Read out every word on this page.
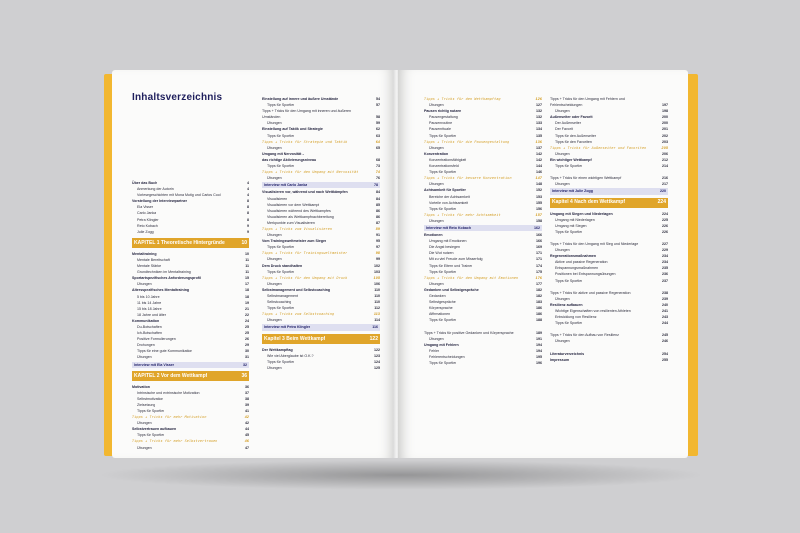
Inhaltsverzeichnis
Über das Buch	4
Anmerkung der Autorin	4
Vorlesegeschichten mit Mona Mutig und Carlos Cool	4
Vorstellung der Interviewpartner	8
Ela Visser	8
Carlo Janka	8
Petra Klingler	8
Reto Kobach	9
Julie Zogg	9
KAPITEL 1 Theoretische Hintergründe	10
Mentaltraining	10
Mentale Bereitschaft	11
Mentale Stärke	11
Grundtechniken im Mentaltraining	11
Sportartspezifisches Anforderungsprofil	15
Übungen	17
Altersspezifisches Mentaltraining	18
5 bis 10 Jahre	18
11 bis 14 Jahre	19
15 bis 18 Jahre	21
18 Jahre und älter	22
Kommunikation	24
Du-Botschaften	25
Ich-Botschaften	25
Positive Formulierungen	26
Drohungen	29
Tipps für eine gute Kommunikation	30
Übungen	31
Interview mit Ela Visser	32
KAPITEL 2 Vor dem Wettkampf	36
Motivation	36
Intrinsische und extrinsische Motivation	37
Selbstmotivation	38
Zielsetzung	39
Tipps für Sportler	41
Tipps + Tricks für mehr Motivation	42
Übungen	42
Selbstvertrauen aufbauen	44
Tipps für Sportler	45
Tipps + Tricks für mehr Selbstvertrauen	46
Übungen	47
Einstellung auf innere und äußere Umstände	54
Tipps für Sportler	57
Tipps + Tricks für den Umgang mit inneren und äußeren Umständen	58
Übungen	59
Einstellung auf Taktik und Strategie	62
Tipps für Sportler	63
Tipps + Tricks für Strategie und Taktik	64
Übungen	65
Umgang mit Nervosität –
das richtige Aktivierungsniveau	68
Tipps für Sportler	73
Tipps + Tricks für den Umgang mit Nervosität	74
Übungen	76
Interview mit Carlo Janka	78
Visualisieren vor, während und nach Wettkämpfen	84
Visualisieren	84
Visualisieren vor dem Wettkampf	85
Visualisieren während des Wettkampfes	86
Visualisieren als Wettkampfnachbereitung	86
Merkpunkte zum Visualisieren	87
Tipps + Tricks zum Visualisieren	89
Übungen	91
Vom Trainingsweltmeister zum Sieger	95
Tipps für Sportler	97
Tipps + Tricks für Trainingsweltmeister	98
Übungen	99
Dem Druck standhalten	102
Tipps für Sportler	103
Tipps + Tricks für den Umgang mit Druck	105
Übungen	106
Selbstmanagement und Selbstcoaching	110
Selbstmanagement	110
Selbstcoaching	110
Tipps für Sportler	112
Tipps + Tricks zum Selbstcoaching	113
Übungen	114
Interview mit Petra Klingler	116
Kapitel 3 Beim Wettkampf	122
Der Wettkampftag	122
Wie viel Aberglaube ist O.K.?	123
Tipps für Sportler	124
Übungen	125
Tipps + Tricks für den Wettkampftag	126
Übungen	127
Pausen richtig nutzen	132
Pausengestaltung	132
Pausenroutine	133
Pausenrituale	134
Tipps für Sportler	135
Tipps + Tricks für die Pausengestaltung	136
Übungen	137
Konzentration	142
Konzentrationsfähigkeit	142
Konzentrationsfeld	144
Tipps für Sportler	146
Tipps + Tricks für bessere Konzentration	147
Übungen	148
Achtsamkeit für Sportler	152
Bereiche der Achtsamkeit	153
Vorteile von Achtsamkeit	155
Tipps für Sportler	156
Tipps + Tricks für mehr Achtsamkeit	157
Übungen	158
Interview mit Reto Kobach	162
Emotionen	166
Umgang mit Emotionen	166
Die Angst besiegen	169
Die Wut nutzen	171
Mit zu viel Freude zum Misserfolg	171
Tipps für Eltern und Trainer	174
Tipps für Sportler	175
Tipps + Tricks für den Umgang mit Emotionen	176
Übungen	177
Gedanken und Selbstgespräche	182
Gedanken	182
Selbstgespräche	183
Körpersprache	186
Affirmationen	186
Tipps für Sportler	188
Tipps + Tricks für positive Gedanken und Körpersprache	189
Übungen	191
Umgang mit Fehlern	194
Fehler	194
Fehlerentscheidungen	195
Tipps für Sportler	196
Tipps + Tricks für den Umgang mit Fehlern und Fehlentscheidungen	197
Übungen	198
Außenseiter oder Favorit	200
Der Außenseiter	200
Der Favorit	201
Tipps für den Außenseiter	202
Tipps für den Favoriten	203
Tipps + Tricks für Außenseiter und Favoriten	205
Übungen	206
Ein wichtiger Wettkampf	212
Tipps für Sportler	214
Tipps + Tricks für einen wichtigen Wettkampf	216
Übungen	217
Interview mit Julie Zogg	220
Kapitel 4 Nach dem Wettkampf	224
Umgang mit Siegen und Niederlagen	224
Umgang mit Niederlagen	225
Umgang mit Siegen	226
Tipps für Sportler	226
Tipps + Tricks für den Umgang mit Sieg und Niederlage	227
Übungen	229
Regenerationsmaßnahmen	234
Aktive und passive Regeneration	234
Entspannungsmaßnahmen	235
Positionen bei Entspannungsübungen	236
Tipps für Sportler	237
Tipps + Tricks für aktive und passive Regeneration	238
Übungen	239
Resilienz aufbauen	240
Wichtige Eigenschaften von resilienten Athleten	241
Entwicklung von Resilienz	243
Tipps für Sportler	244
Tipps + Tricks für den Aufbau von Resilienz	245
Übungen	246
Literaturverzeichnis	254
Impressum	255
